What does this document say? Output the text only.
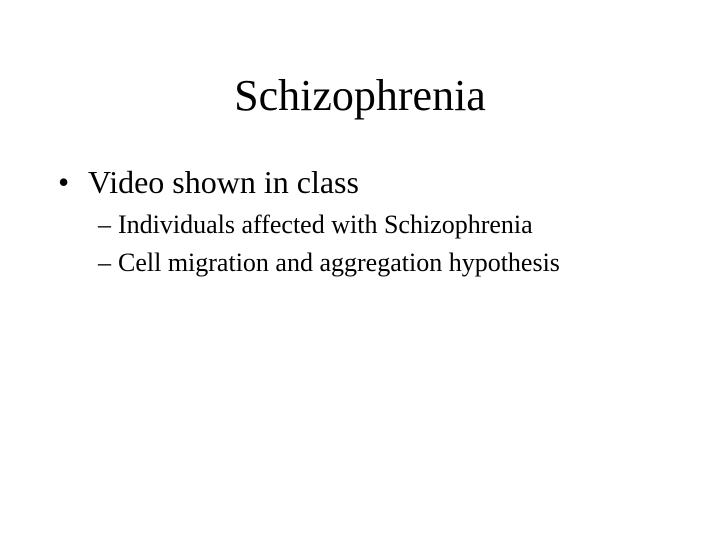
Schizophrenia
• Video shown in class
– Individuals affected with Schizophrenia
– Cell migration and aggregation hypothesis
